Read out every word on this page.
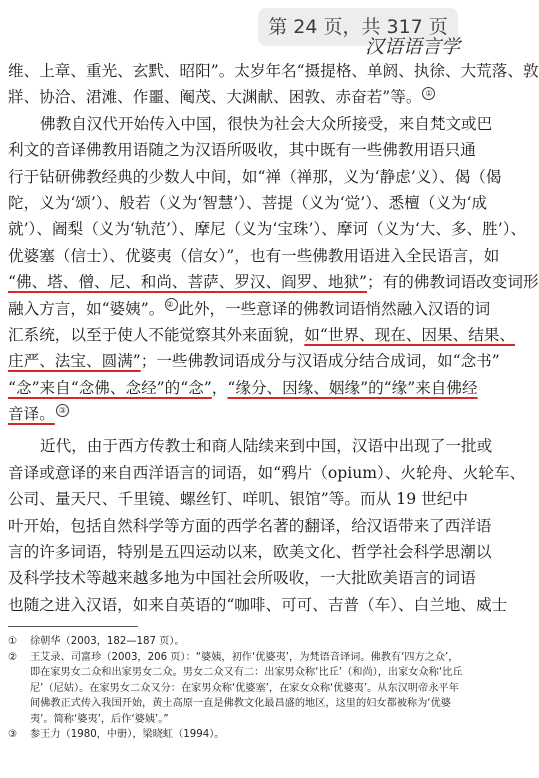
第 24 页，共 317 页
汉语语言学
维、上章、重光、玄黓、昭阳”。太岁年名“摄提格、单阏、执徐、大荒落、敦
牂、协洽、涒滩、作噩、阉茂、大渊献、困敦、赤奋若”等。 ①
佛教自汉代开始传入中国，很快为社会大众所接受，来自梵文或巴
利文的音译佛教用语随之为汉语所吸收，其中既有一些佛教用语只通
行于钻研佛教经典的少数人中间，如“禅（禅那，义为‘静虑’义）、偈（偈
陀，义为‘颂’）、般若（义为‘智慧’）、菩提（义为‘觉’）、悉檀（义为‘成
就’）、阇梨（义为‘轨范’）、摩尼（义为‘宝珠’）、摩诃（义为‘大、多、胜’）、
优婆塞（信士）、优婆夷（信女）”，也有一些佛教用语进入全民语言，如
“佛、塔、僧、尼、和尚、菩萨、罗汉、阎罗、地狱”；有的佛教词语改变词形
融入方言，如“婆姨”。 ② 此外，一些意译的佛教词语悄然融入汉语的词
汇系统，以至于使人不能觉察其外来面貌，如“世界、现在、因果、结果、
庄严、法宝、圆满”；一些佛教词语成分与汉语成分结合成词，如“念书”
“念”来自“念佛、念经”的“念”，“缘分、因缘、姻缘”的“缘”来自佛经
音译。 ③
近代，由于西方传教士和商人陆续来到中国，汉语中出现了一批或
音译或意译的来自西洋语言的词语，如“鸦片（opium）、火轮舟、火轮车、
公司、量天尺、千里镜、螺丝钉、咩叽、银馆”等。而从 19 世纪中
叶开始，包括自然科学等方面的西学名著的翻译，给汉语带来了西洋语
言的许多词语，特别是五四运动以来，欧美文化、哲学社会科学思潮以
及科学技术等越来越多地为中国社会所吸收，一大批欧美语言的词语
也随之进入汉语，如来自英语的“咖啡、可可、吉普（车）、白兰地、威士
①	徐朝华（2003，182—187 页）。
②	王艾录、司富珍（2003，206 页）：“婆姨，初作‘优婆夷’，为梵语音译词。佛教有‘四方之众’，即在家男女二众和出家男女二众。男女二众又有二：出家男众称‘比丘’（和尚），出家女众称‘比丘尼’（尼姑）。在家男女二众又分：在家男众称‘优婆塞’，在家女众称‘优婆夷’。从东汉明帝永平年间佛教正式传入我国开始，黄土高原一直是佛教文化最昌盛的地区，这里的妇女都被称为‘优婆夷’。简称‘婆夷’，后作‘婆姨’。”
③	参王力（1980，中册），梁晓虹（1994）。
